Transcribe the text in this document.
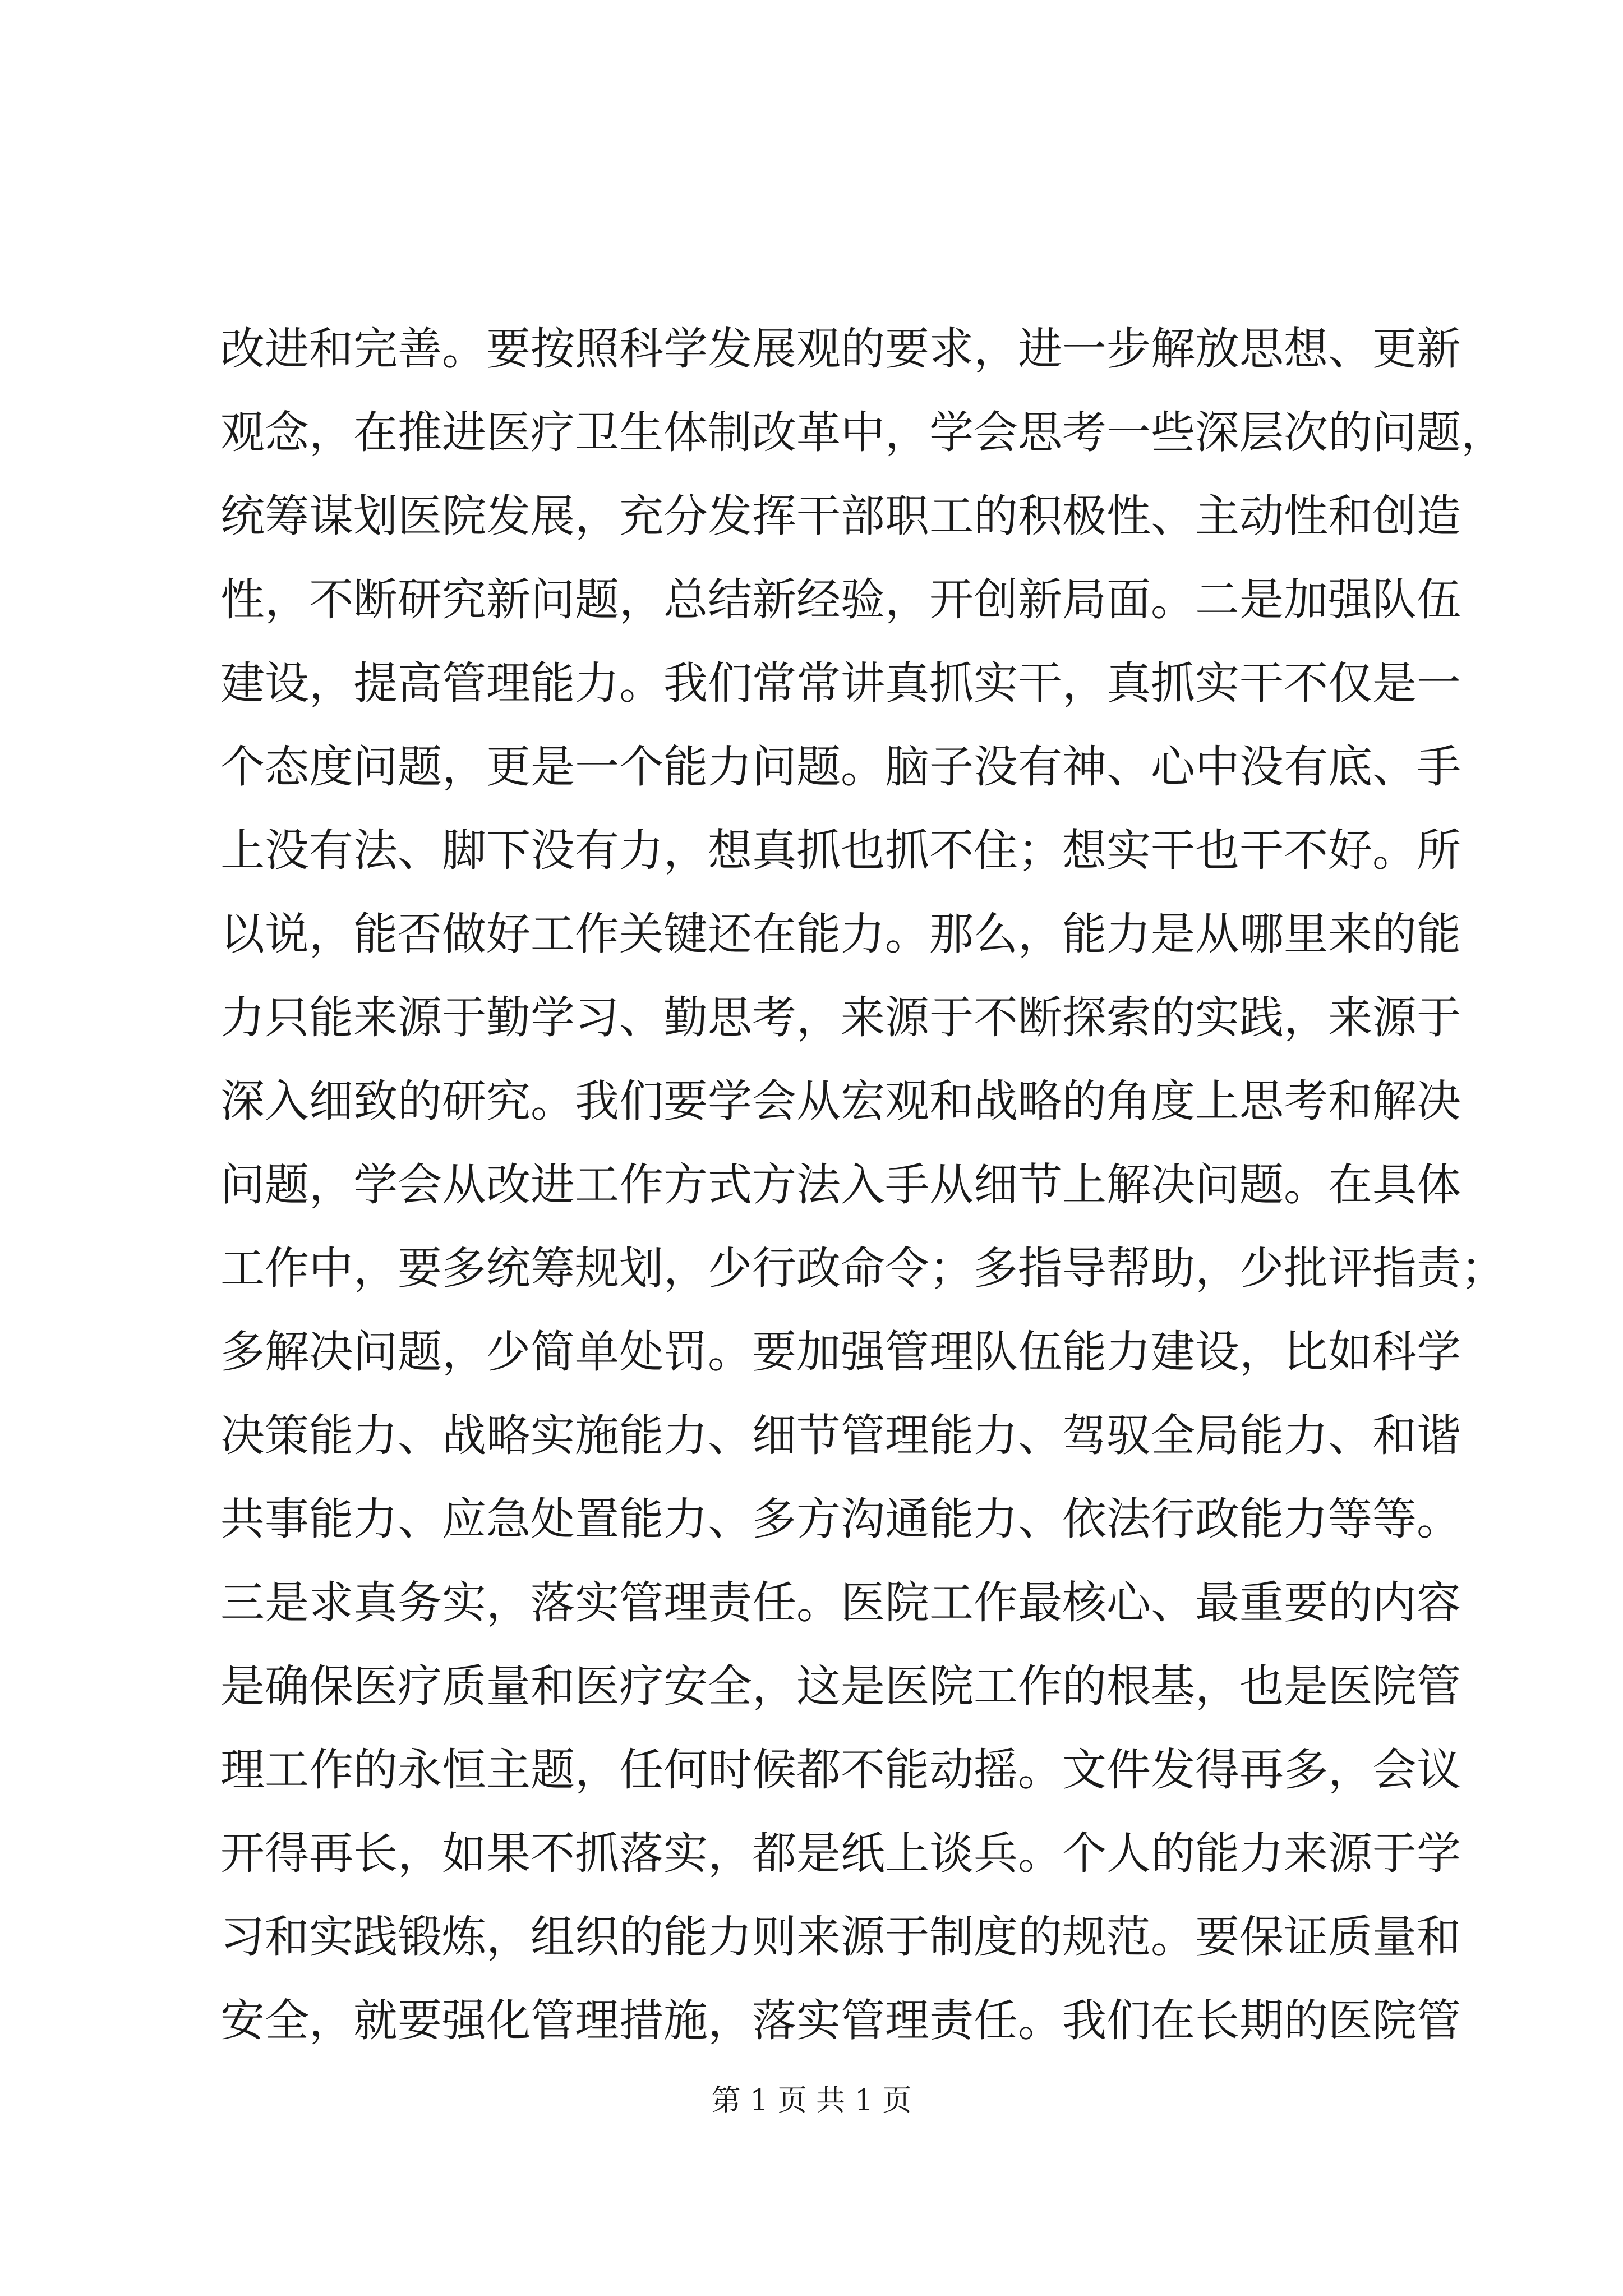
改进和完善。要按照科学发展观的要求，进一步解放思想、更新
观念，在推进医疗卫生体制改革中，学会思考一些深层次的问题，
统筹谋划医院发展，充分发挥干部职工的积极性、主动性和创造
性，不断研究新问题，总结新经验，开创新局面。二是加强队伍
建设，提高管理能力。我们常常讲真抓实干，真抓实干不仅是一
个态度问题，更是一个能力问题。脑子没有神、心中没有底、手
上没有法、脚下没有力，想真抓也抓不住；想实干也干不好。所
以说，能否做好工作关键还在能力。那么，能力是从哪里来的能
力只能来源于勤学习、勤思考，来源于不断探索的实践，来源于
深入细致的研究。我们要学会从宏观和战略的角度上思考和解决
问题，学会从改进工作方式方法入手从细节上解决问题。在具体
工作中，要多统筹规划，少行政命令；多指导帮助，少批评指责；
多解决问题，少简单处罚。要加强管理队伍能力建设，比如科学
决策能力、战略实施能力、细节管理能力、驾驭全局能力、和谐
共事能力、应急处置能力、多方沟通能力、依法行政能力等等。
三是求真务实，落实管理责任。医院工作最核心、最重要的内容
是确保医疗质量和医疗安全，这是医院工作的根基，也是医院管
理工作的永恒主题，任何时候都不能动摇。文件发得再多，会议
开得再长，如果不抓落实，都是纸上谈兵。个人的能力来源于学
习和实践锻炼，组织的能力则来源于制度的规范。要保证质量和
安全，就要强化管理措施，落实管理责任。我们在长期的医院管
第 1 页 共 1 页
